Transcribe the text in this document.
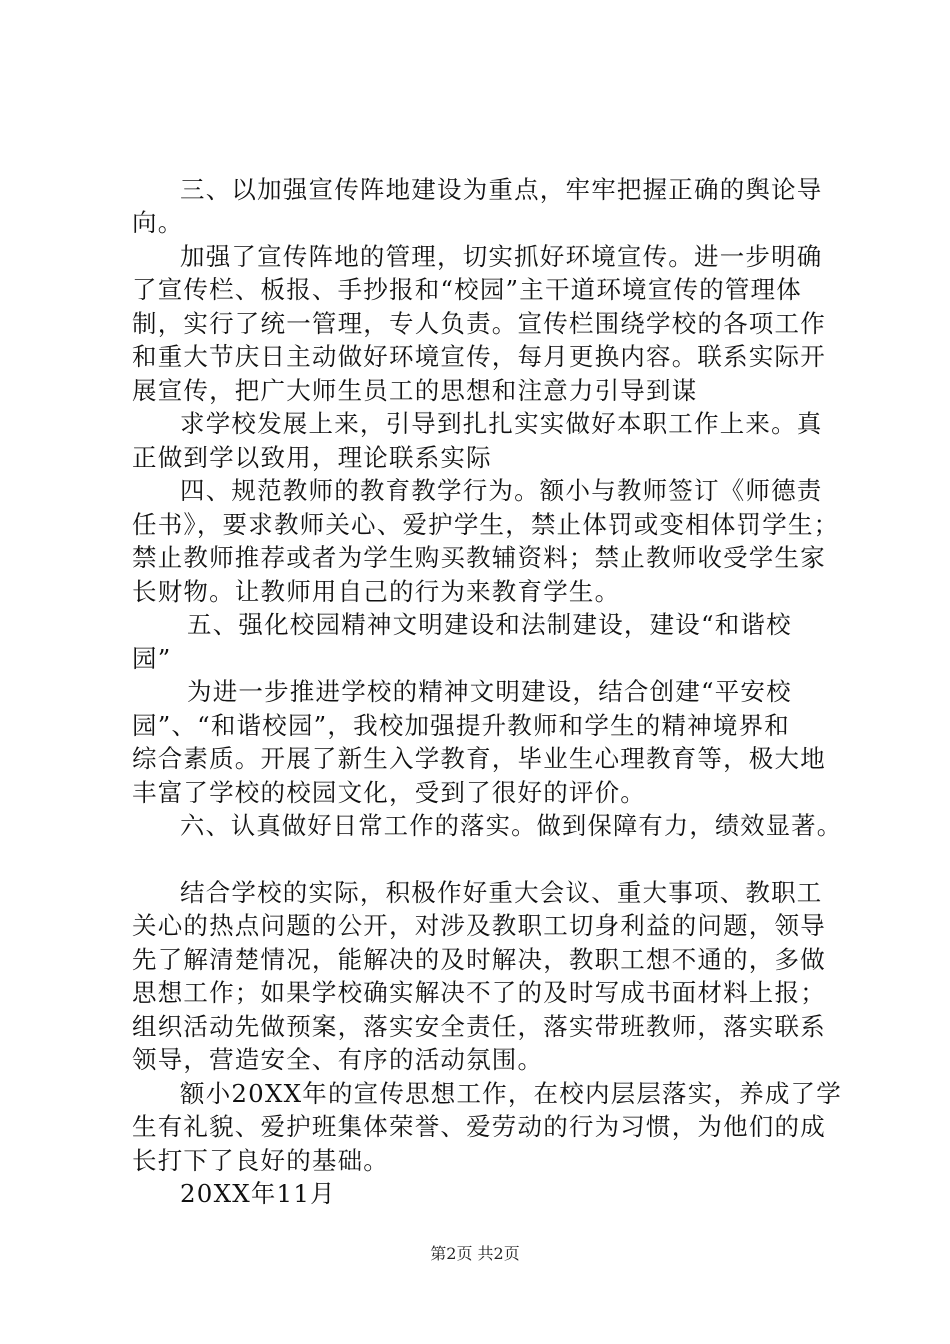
三、以加强宣传阵地建设为重点，牢牢把握正确的舆论导
向。
加强了宣传阵地的管理，切实抓好环境宣传。进一步明确
了宣传栏、板报、手抄报和“校园”主干道环境宣传的管理体
制，实行了统一管理，专人负责。宣传栏围绕学校的各项工作
和重大节庆日主动做好环境宣传，每月更换内容。联系实际开
展宣传，把广大师生员工的思想和注意力引导到谋
求学校发展上来，引导到扎扎实实做好本职工作上来。真
正做到学以致用，理论联系实际
四、规范教师的教育教学行为。额小与教师签订《师德责
任书》，要求教师关心、爱护学生，禁止体罚或变相体罚学生；
禁止教师推荐或者为学生购买教辅资料；禁止教师收受学生家
长财物。让教师用自己的行为来教育学生。
五、强化校园精神文明建设和法制建设，建设“和谐校
园”
为进一步推进学校的精神文明建设，结合创建“平安校
园”、“和谐校园”，我校加强提升教师和学生的精神境界和
综合素质。开展了新生入学教育，毕业生心理教育等，极大地
丰富了学校的校园文化，受到了很好的评价。
六、认真做好日常工作的落实。做到保障有力，绩效显著。
结合学校的实际，积极作好重大会议、重大事项、教职工
关心的热点问题的公开，对涉及教职工切身利益的问题，领导
先了解清楚情况，能解决的及时解决，教职工想不通的，多做
思想工作；如果学校确实解决不了的及时写成书面材料上报；
组织活动先做预案，落实安全责任，落实带班教师，落实联系
领导，营造安全、有序的活动氛围。
额小20XX年的宣传思想工作，在校内层层落实，养成了学
生有礼貌、爱护班集体荣誉、爱劳动的行为习惯，为他们的成
长打下了良好的基础。
20XX年11月
第2页 共2页
